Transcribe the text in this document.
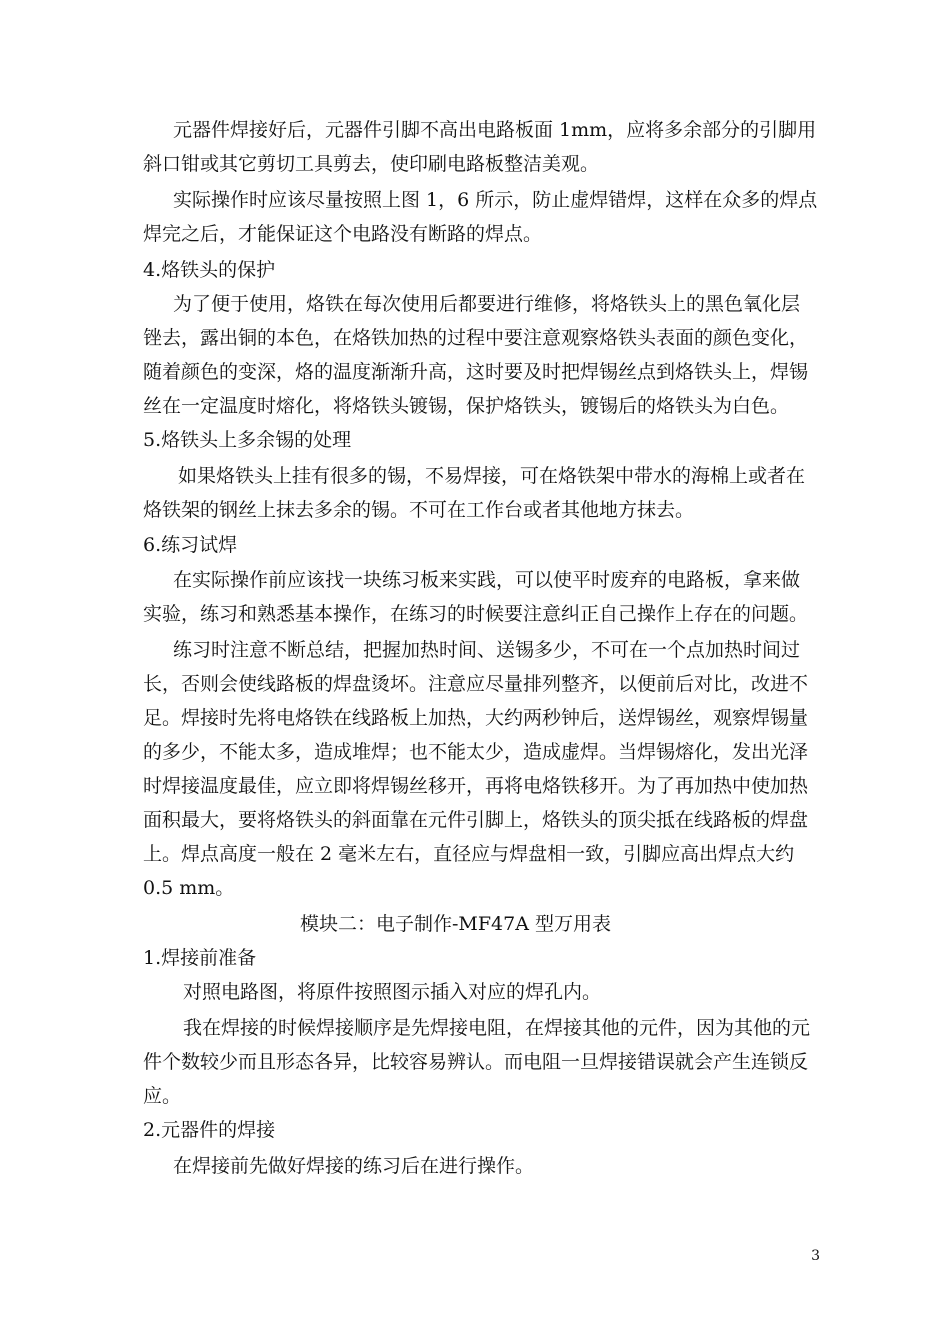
元器件焊接好后，元器件引脚不高出电路板面 1mm，应将多余部分的引脚用
斜口钳或其它剪切工具剪去，使印刷电路板整洁美观。
实际操作时应该尽量按照上图 1，6 所示，防止虚焊错焊，这样在众多的焊点
焊完之后，才能保证这个电路没有断路的焊点。
4.烙铁头的保护
为了便于使用，烙铁在每次使用后都要进行维修，将烙铁头上的黑色氧化层
锉去，露出铜的本色，在烙铁加热的过程中要注意观察烙铁头表面的颜色变化，
随着颜色的变深，烙的温度渐渐升高，这时要及时把焊锡丝点到烙铁头上，焊锡
丝在一定温度时熔化，将烙铁头镀锡，保护烙铁头，镀锡后的烙铁头为白色。
5.烙铁头上多余锡的处理
如果烙铁头上挂有很多的锡，不易焊接，可在烙铁架中带水的海棉上或者在
烙铁架的钢丝上抹去多余的锡。不可在工作台或者其他地方抹去。
6.练习试焊
在实际操作前应该找一块练习板来实践，可以使平时废弃的电路板，拿来做
实验，练习和熟悉基本操作，在练习的时候要注意纠正自己操作上存在的问题。
练习时注意不断总结，把握加热时间、送锡多少，不可在一个点加热时间过
长，否则会使线路板的焊盘烫坏。注意应尽量排列整齐，以便前后对比，改进不
足。焊接时先将电烙铁在线路板上加热，大约两秒钟后，送焊锡丝，观察焊锡量
的多少，不能太多，造成堆焊；也不能太少，造成虚焊。当焊锡熔化，发出光泽
时焊接温度最佳，应立即将焊锡丝移开，再将电烙铁移开。为了再加热中使加热
面积最大，要将烙铁头的斜面靠在元件引脚上，烙铁头的顶尖抵在线路板的焊盘
上。焊点高度一般在 2 毫米左右，直径应与焊盘相一致，引脚应高出焊点大约
0.5 mm。
模块二：电子制作-MF47A 型万用表
1.焊接前准备
对照电路图，将原件按照图示插入对应的焊孔内。
我在焊接的时候焊接顺序是先焊接电阻，在焊接其他的元件，因为其他的元
件个数较少而且形态各异，比较容易辨认。而电阻一旦焊接错误就会产生连锁反
应。
2.元器件的焊接
在焊接前先做好焊接的练习后在进行操作。
3
